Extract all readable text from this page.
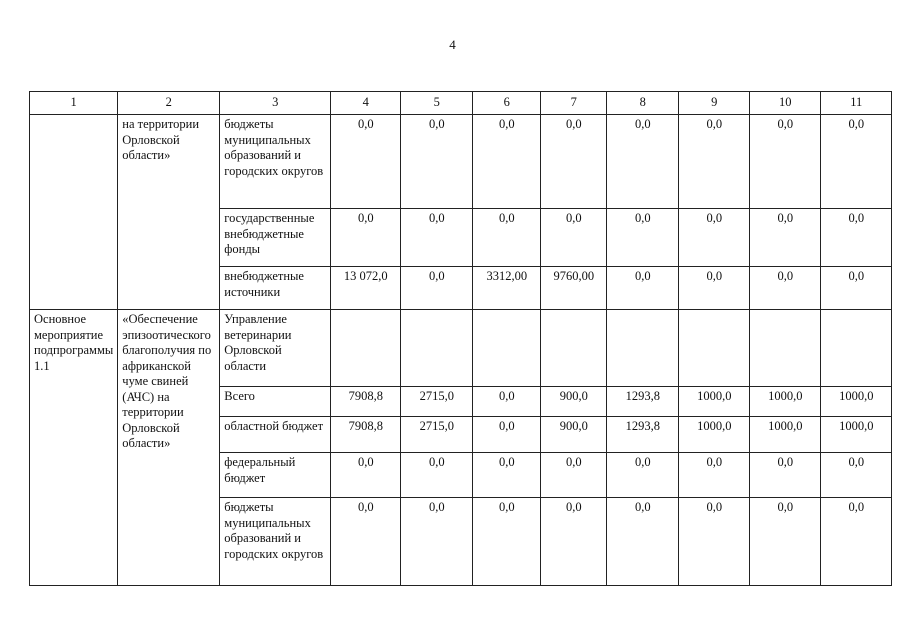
4
1	2	3	4	5	6	7	8	9	10	11
	на территории Орловской области»	бюджеты муниципальных образований и городских округов	0,0	0,0	0,0	0,0	0,0	0,0	0,0	0,0
		государственные внебюджетные фонды	0,0	0,0	0,0	0,0	0,0	0,0	0,0	0,0
		внебюджетные источники	13 072,0	0,0	3312,00	9760,00	0,0	0,0	0,0	0,0
Основное мероприятие подпрограммы 1.1	«Обеспечение эпизоотического благополучия по африканской чуме свиней (АЧС) на территории Орловской области»	Управление ветеринарии Орловской области								
		Всего	7908,8	2715,0	0,0	900,0	1293,8	1000,0	1000,0	1000,0
		областной бюджет	7908,8	2715,0	0,0	900,0	1293,8	1000,0	1000,0	1000,0
		федеральный бюджет	0,0	0,0	0,0	0,0	0,0	0,0	0,0	0,0
		бюджеты муниципальных образований и городских округов	0,0	0,0	0,0	0,0	0,0	0,0	0,0	0,0
